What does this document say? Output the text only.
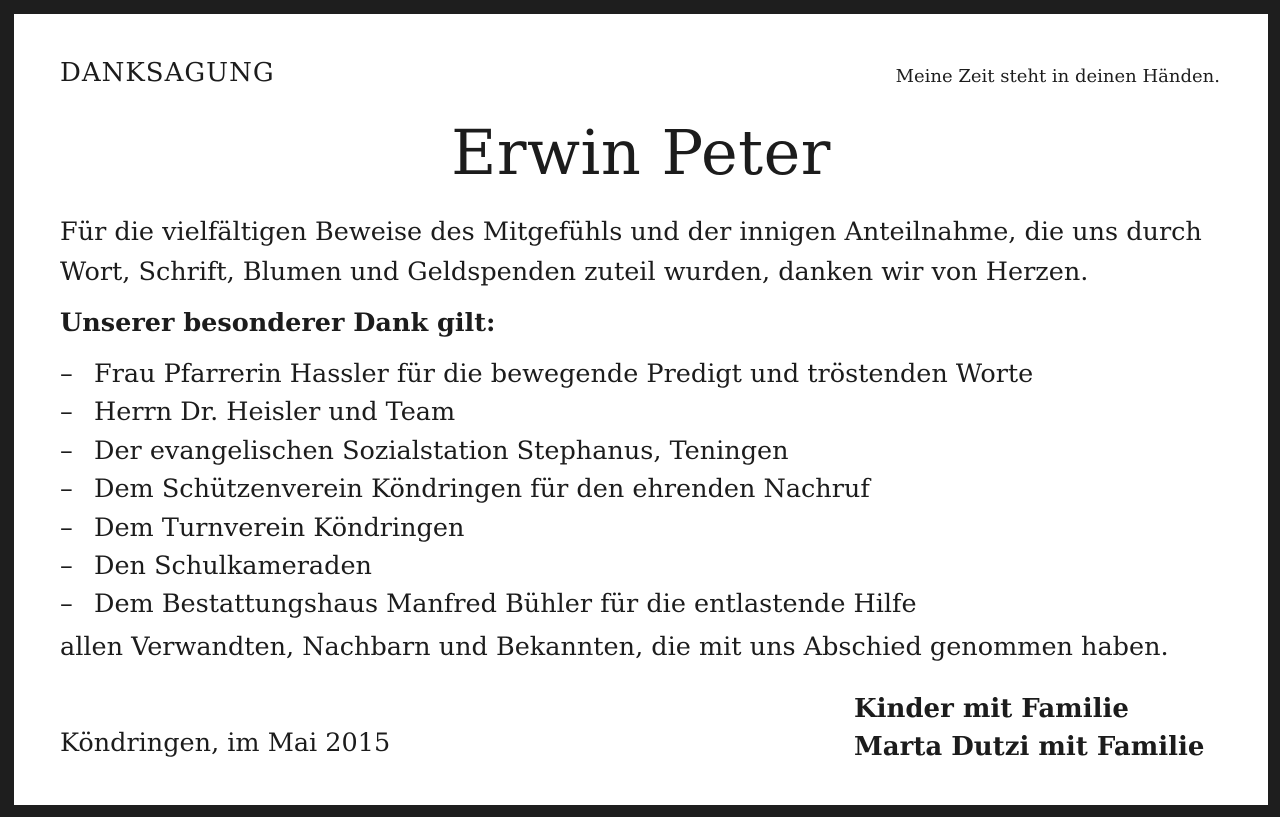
DANKSAGUNG	Meine Zeit steht in deinen Händen.
Erwin Peter
Für die vielfältigen Beweise des Mitgefühls und der innigen Anteilnahme, die uns durch
Wort, Schrift, Blumen und Geldspenden zuteil wurden, danken wir von Herzen.
Unserer besonderer Dank gilt:
– Frau Pfarrerin Hassler für die bewegende Predigt und tröstenden Worte
– Herrn Dr. Heisler und Team
– Der evangelischen Sozialstation Stephanus, Teningen
– Dem Schützenverein Köndringen für den ehrenden Nachruf
– Dem Turnverein Köndringen
– Den Schulkameraden
– Dem Bestattungshaus Manfred Bühler für die entlastende Hilfe
allen Verwandten, Nachbarn und Bekannten, die mit uns Abschied genommen haben.
Kinder mit Familie
Marta Dutzi mit Familie
Köndringen, im Mai 2015
